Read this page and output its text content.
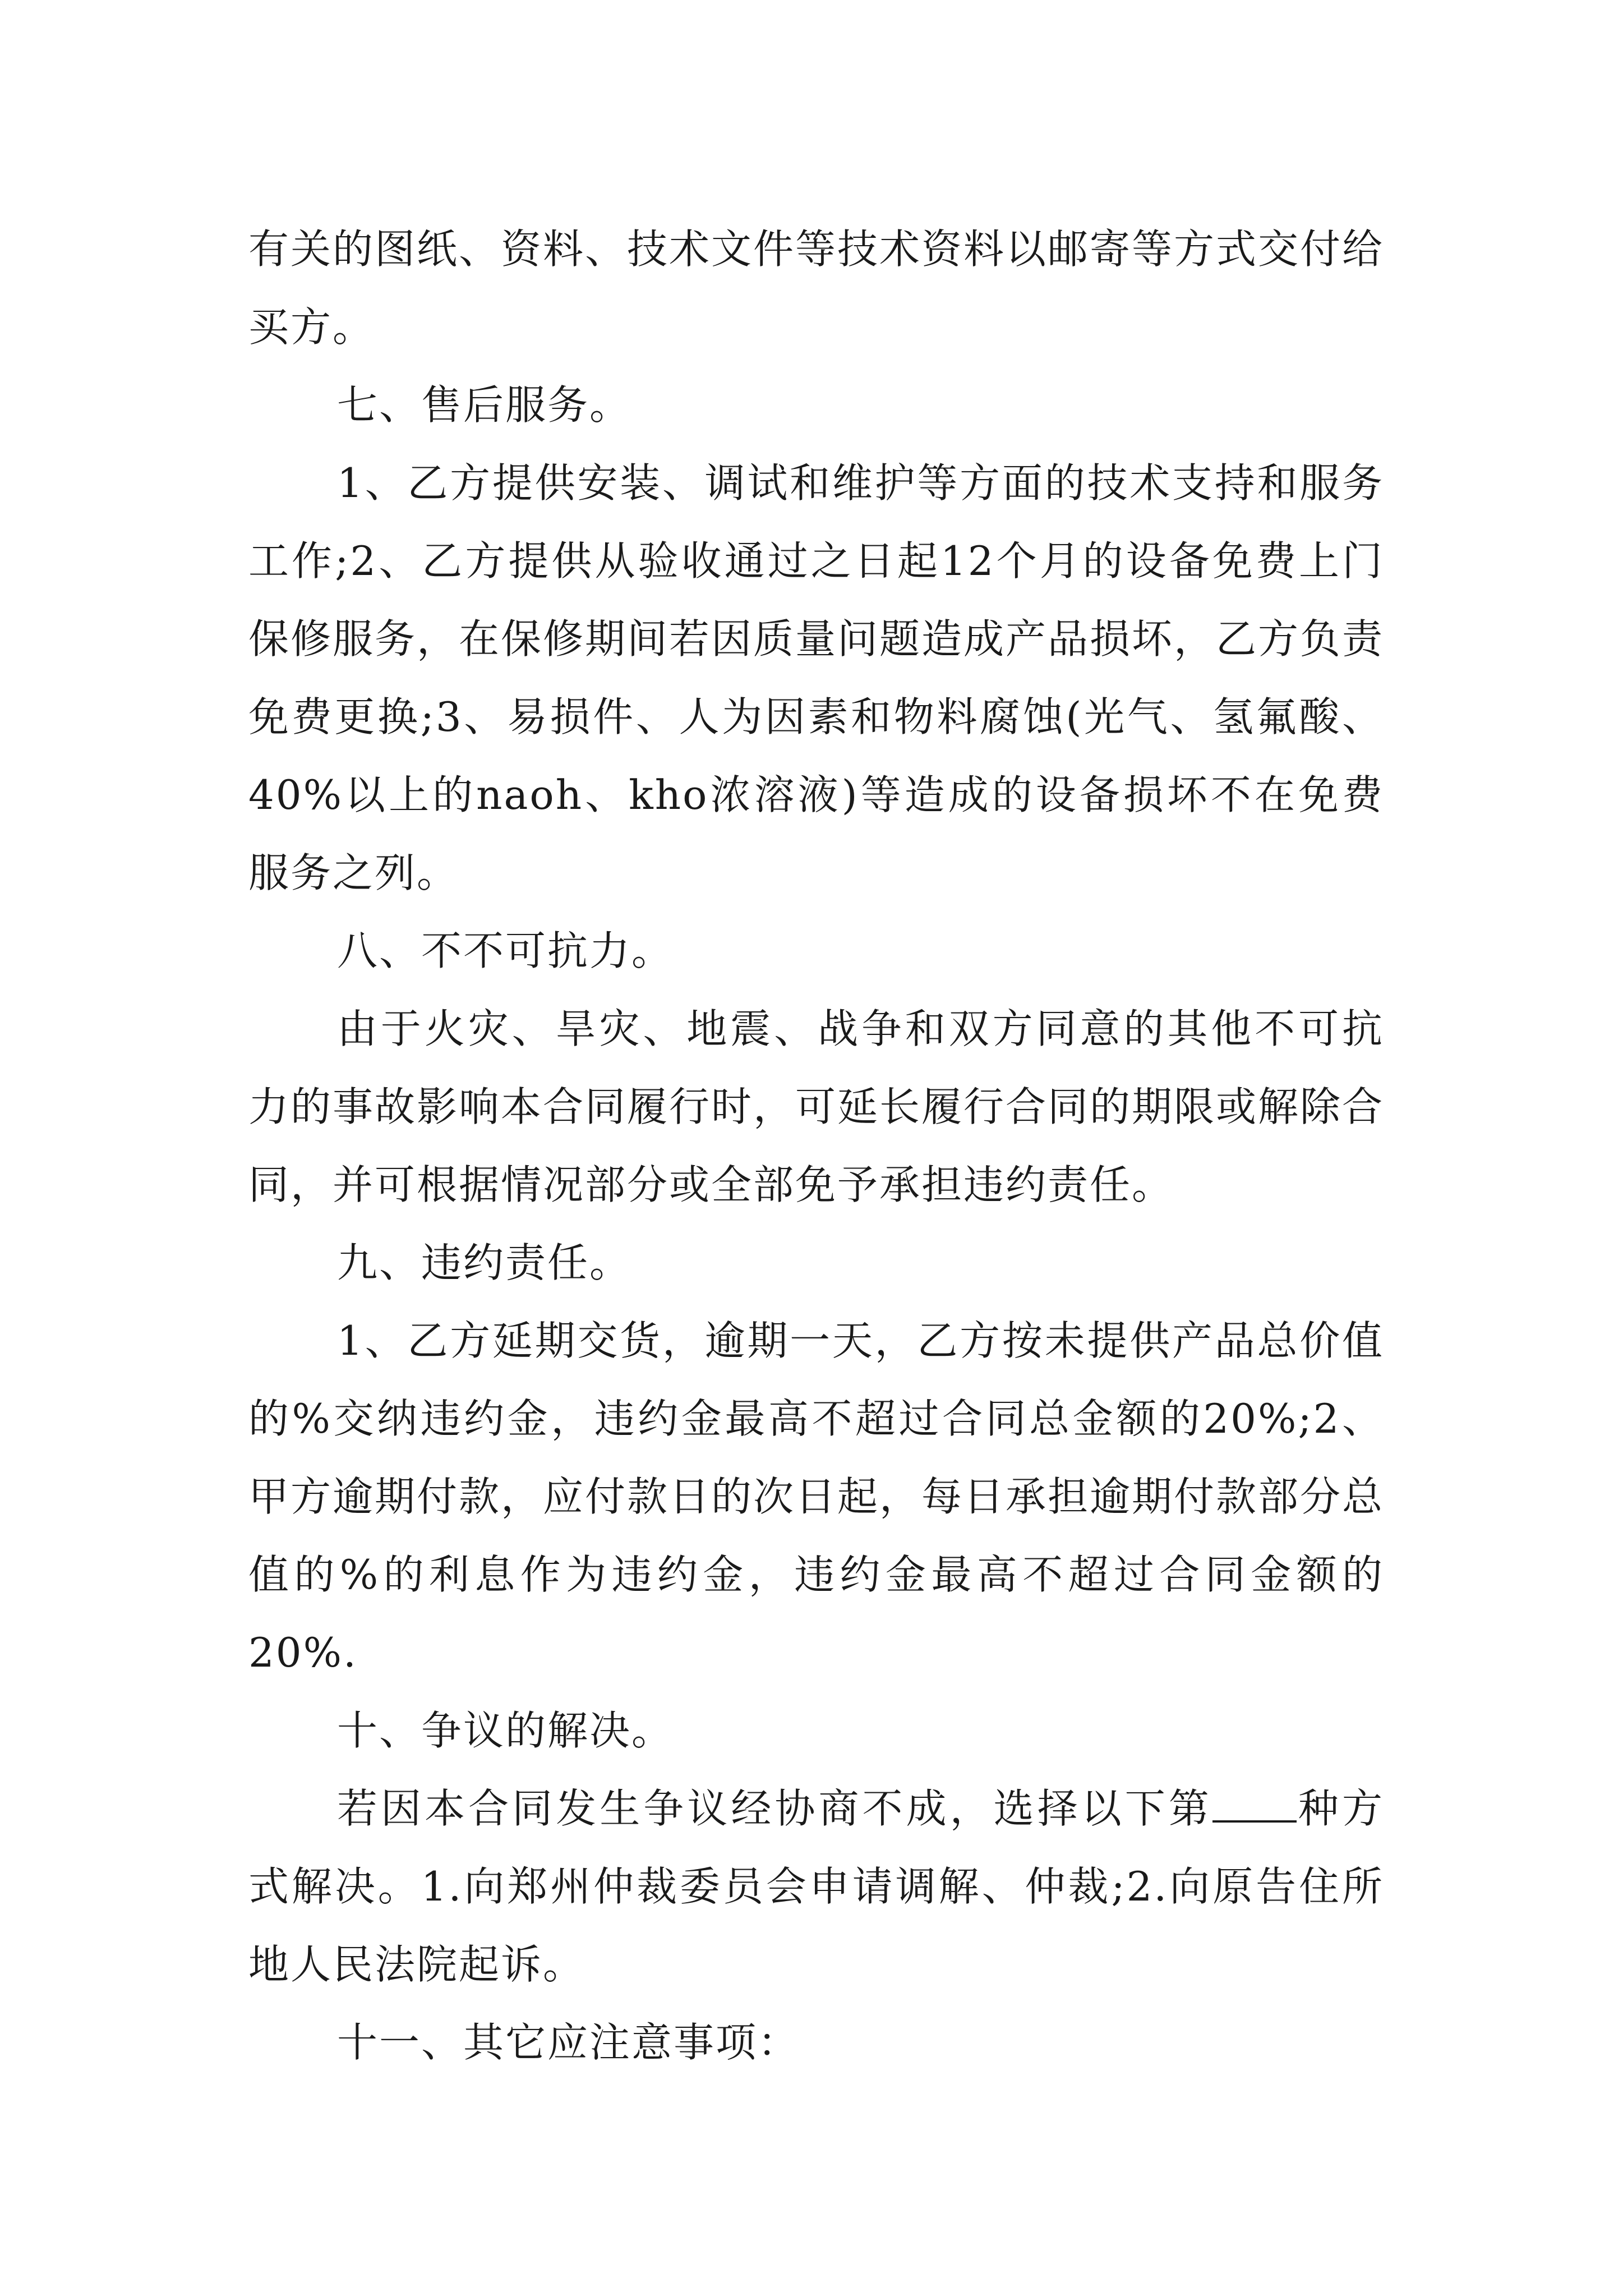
有关的图纸、资料、技术文件等技术资料以邮寄等方式交付给买方。

七、售后服务。

1、乙方提供安装、调试和维护等方面的技术支持和服务工作;2、乙方提供从验收通过之日起12个月的设备免费上门保修服务，在保修期间若因质量问题造成产品损坏，乙方负责免费更换;3、易损件、人为因素和物料腐蚀(光气、氢氟酸、40%以上的naoh、kho浓溶液)等造成的设备损坏不在免费服务之列。

八、不不可抗力。

由于火灾、旱灾、地震、战争和双方同意的其他不可抗力的事故影响本合同履行时，可延长履行合同的期限或解除合同，并可根据情况部分或全部免予承担违约责任。

九、违约责任。

1、乙方延期交货，逾期一天，乙方按未提供产品总价值的%交纳违约金，违约金最高不超过合同总金额的20%;2、甲方逾期付款，应付款日的次日起，每日承担逾期付款部分总值的%的利息作为违约金，违约金最高不超过合同金额的20%.

十、争议的解决。

若因本合同发生争议经协商不成，选择以下第 种方式解决。1.向郑州仲裁委员会申请调解、仲裁;2.向原告住所地人民法院起诉。

十一、其它应注意事项：
